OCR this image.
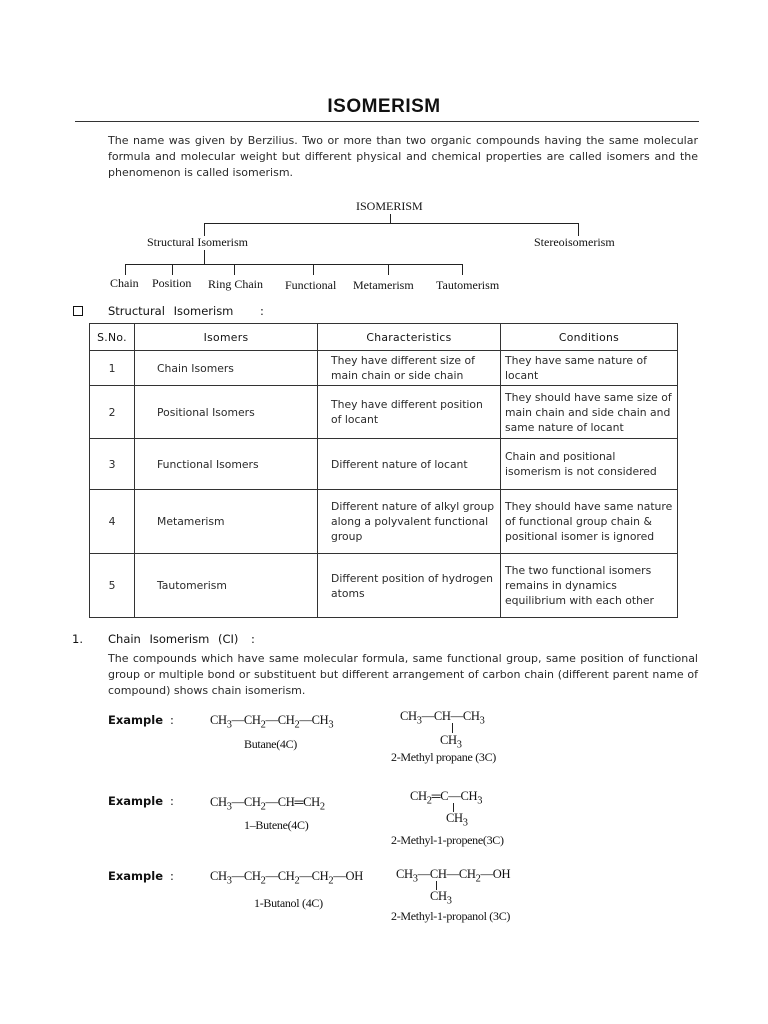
ISOMERISM
The name was given by Berzilius. Two or more than two organic compounds having the same molecular formula and molecular weight but different physical and chemical properties are called isomers and the phenomenon is called isomerism.
ISOMERISM
Structural Isomerism	Stereoisomerism
Chain Position Ring Chain Functional Metamerism Tautomerism
Structural Isomerism :
S.No.	Isomers	Characteristics	Conditions
1	Chain Isomers	They have different size of main chain or side chain	They have same nature of locant
2	Positional Isomers	They have different position of locant	They should have same size of main chain and side chain and same nature of locant
3	Functional Isomers	Different nature of locant	Chain and positional isomerism is not considered
4	Metamerism	Different nature of alkyl group along a polyvalent functional group	They should have same nature of functional group chain & positional isomer is ignored
5	Tautomerism	Different position of hydrogen atoms	The two functional isomers remains in dynamics equilibrium with each other
1. Chain Isomerism (CI) :
The compounds which have same molecular formula, same functional group, same position of functional group or multiple bond or substituent but different arrangement of carbon chain (different parent name of compound) shows chain isomerism.
Example :	$CH_3—CH_2—CH_2—CH_3$
Butane(4C)
$CH_3—CH—CH_3$
$CH_3$
2-Methyl propane (3C)
Example :	$CH_3—CH_2—CH═CH_2$
1–Butene(4C)
$CH_2═C—CH_3$
$CH_3$
2-Methyl-1-propene(3C)
Example :	$CH_3—CH_2—CH_2—CH_2—OH$
1-Butanol (4C)
$CH_3—CH—CH_2—OH$
$CH_3$
2-Methyl-1-propanol (3C)
